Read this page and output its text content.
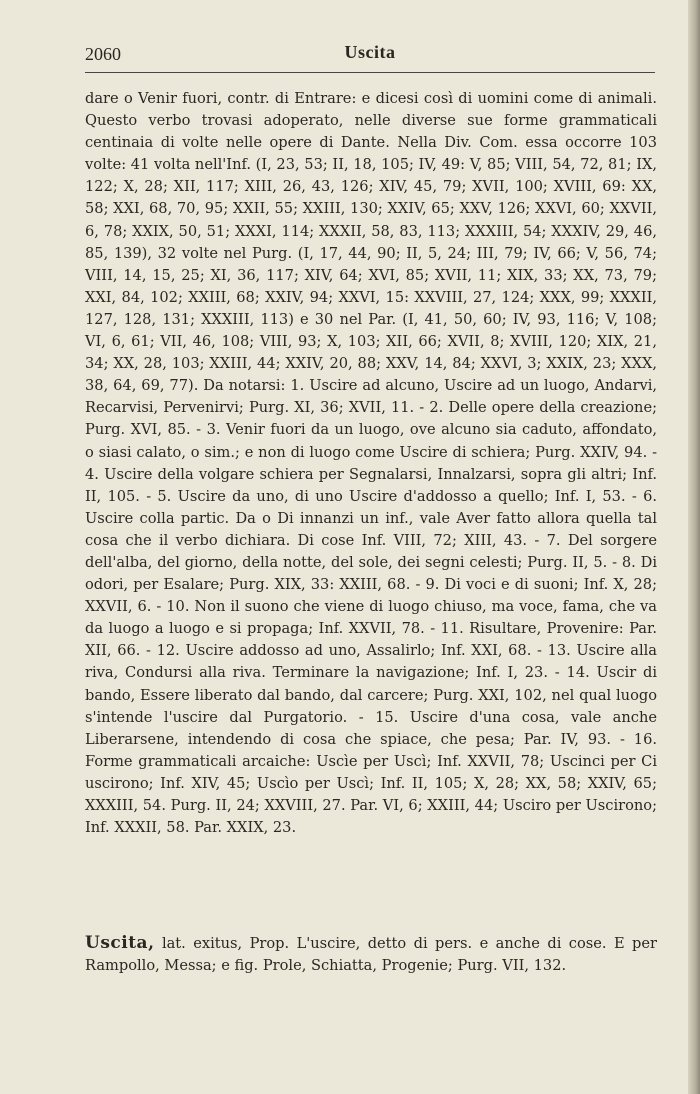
2060	Uscita

dare o Venir fuori, contr. di Entrare: e dicesi così di uomini come di animali. Questo verbo trovasi adoperato, nelle diverse sue forme grammaticali centinaia di volte nelle opere di Dante. Nella Div. Com. essa occorre 103 volte: 41 volta nell'Inf. (I, 23, 53; II, 18, 105; IV, 49: V, 85; VIII, 54, 72, 81; IX, 122; X, 28; XII, 117; XIII, 26, 43, 126; XIV, 45, 79; XVII, 100; XVIII, 69: XX, 58; XXI, 68, 70, 95; XXII, 55; XXIII, 130; XXIV, 65; XXV, 126; XXVI, 60; XXVII, 6, 78; XXIX, 50, 51; XXXI, 114; XXXII, 58, 83, 113; XXXIII, 54; XXXIV, 29, 46, 85, 139), 32 volte nel Purg. (I, 17, 44, 90; II, 5, 24; III, 79; IV, 66; V, 56, 74; VIII, 14, 15, 25; XI, 36, 117; XIV, 64; XVI, 85; XVII, 11; XIX, 33; XX, 73, 79; XXI, 84, 102; XXIII, 68; XXIV, 94; XXVI, 15: XXVIII, 27, 124; XXX, 99; XXXII, 127, 128, 131; XXXIII, 113) e 30 nel Par. (I, 41, 50, 60; IV, 93, 116; V, 108; VI, 6, 61; VII, 46, 108; VIII, 93; X, 103; XII, 66; XVII, 8; XVIII, 120; XIX, 21, 34; XX, 28, 103; XXIII, 44; XXIV, 20, 88; XXV, 14, 84; XXVI, 3; XXIX, 23; XXX, 38, 64, 69, 77). Da notarsi: 1. Uscire ad alcuno, Uscire ad un luogo, Andarvi, Recarvisi, Pervenirvi; Purg. XI, 36; XVII, 11. - 2. Delle opere della creazione; Purg. XVI, 85. - 3. Venir fuori da un luogo, ove alcuno sia caduto, affondato, o siasi calato, o sim.; e non di luogo come Uscire di schiera; Purg. XXIV, 94. - 4. Uscire della volgare schiera per Segnalarsi, Innalzarsi, sopra gli altri; Inf. II, 105. - 5. Uscire da uno, di uno Uscire d'addosso a quello; Inf. I, 53. - 6. Uscire colla partic. Da o Di innanzi un inf., vale Aver fatto allora quella tal cosa che il verbo dichiara. Di cose Inf. VIII, 72; XIII, 43. - 7. Del sorgere dell'alba, del giorno, della notte, del sole, dei segni celesti; Purg. II, 5. - 8. Di odori, per Esalare; Purg. XIX, 33: XXIII, 68. - 9. Di voci e di suoni; Inf. X, 28; XXVII, 6. - 10. Non il suono che viene di luogo chiuso, ma voce, fama, che va da luogo a luogo e si propaga; Inf. XXVII, 78. - 11. Risultare, Provenire: Par. XII, 66. - 12. Uscire addosso ad uno, Assalirlo; Inf. XXI, 68. - 13. Uscire alla riva, Condursi alla riva. Terminare la navigazione; Inf. I, 23. - 14. Uscir di bando, Essere liberato dal bando, dal carcere; Purg. XXI, 102, nel qual luogo s'intende l'uscire dal Purgatorio. - 15. Uscire d'una cosa, vale anche Liberarsene, intendendo di cosa che spiace, che pesa; Par. IV, 93. - 16. Forme grammaticali arcaiche: Uscìe per Uscì; Inf. XXVII, 78; Uscinci per Ci uscirono; Inf. XIV, 45; Uscìo per Uscì; Inf. II, 105; X, 28; XX, 58; XXIV, 65; XXXIII, 54. Purg. II, 24; XXVIII, 27. Par. VI, 6; XXIII, 44; Usciro per Uscirono; Inf. XXXII, 58. Par. XXIX, 23.

Uscita, lat. exitus, Prop. L'uscire, detto di pers. e anche di cose. E per Rampollo, Messa; e fig. Prole, Schiatta, Progenie; Purg. VII, 132.
